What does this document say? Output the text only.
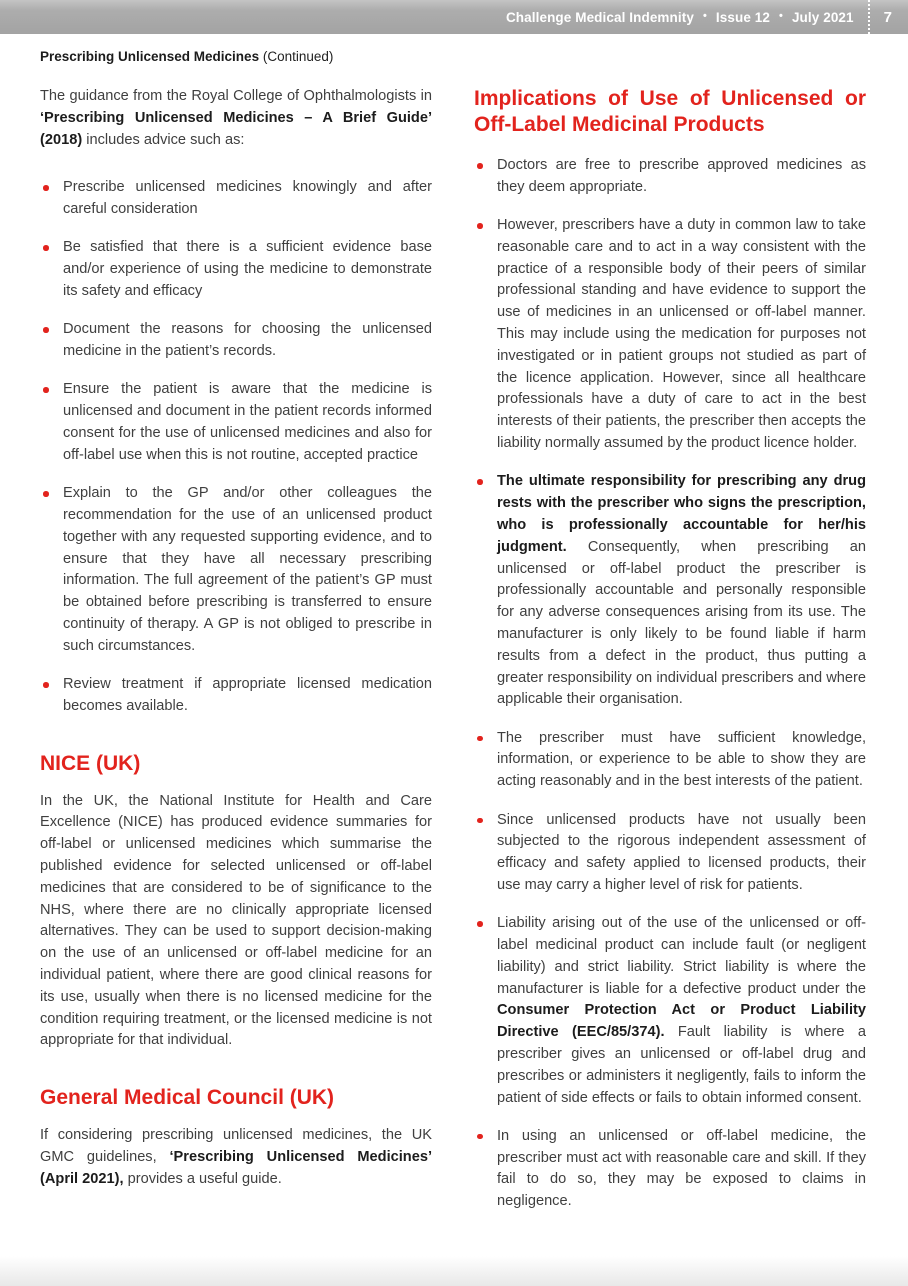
Challenge Medical Indemnity • Issue 12 • July 2021	7
Prescribing Unlicensed Medicines (Continued)

The guidance from the Royal College of Ophthalmologists in ‘Prescribing Unlicensed Medicines – A Brief Guide’ (2018) includes advice such as:

Prescribe unlicensed medicines knowingly and after careful consideration
Be satisfied that there is a sufficient evidence base and/or experience of using the medicine to demonstrate its safety and efficacy
Document the reasons for choosing the unlicensed medicine in the patient’s records.
Ensure the patient is aware that the medicine is unlicensed and document in the patient records informed consent for the use of unlicensed medicines and also for off-label use when this is not routine, accepted practice
Explain to the GP and/or other colleagues the recommendation for the use of an unlicensed product together with any requested supporting evidence, and to ensure that they have all necessary prescribing information. The full agreement of the patient’s GP must be obtained before prescribing is transferred to ensure continuity of therapy. A GP is not obliged to prescribe in such circumstances.
Review treatment if appropriate licensed medication becomes available.
NICE (UK)

In the UK, the National Institute for Health and Care Excellence (NICE) has produced evidence summaries for off-label or unlicensed medicines which summarise the published evidence for selected unlicensed or off-label medicines that are considered to be of significance to the NHS, where there are no clinically appropriate licensed alternatives. They can be used to support decision-making on the use of an unlicensed or off-label medicine for an individual patient, where there are good clinical reasons for its use, usually when there is no licensed medicine for the condition requiring treatment, or the licensed medicine is not appropriate for that individual.

General Medical Council (UK)

If considering prescribing unlicensed medicines, the UK GMC guidelines, ‘Prescribing Unlicensed Medicines’ (April 2021), provides a useful guide.

Implications of Use of Unlicensed or Off-Label Medicinal Products
Doctors are free to prescribe approved medicines as they deem appropriate.
However, prescribers have a duty in common law to take reasonable care and to act in a way consistent with the practice of a responsible body of their peers of similar professional standing and have evidence to support the use of medicines in an unlicensed or off-label manner. This may include using the medication for purposes not investigated or in patient groups not studied as part of the licence application. However, since all healthcare professionals have a duty of care to act in the best interests of their patients, the prescriber then accepts the liability normally assumed by the product licence holder.
The ultimate responsibility for prescribing any drug rests with the prescriber who signs the prescription, who is professionally accountable for her/his judgment. Consequently, when prescribing an unlicensed or off-label product the prescriber is professionally accountable and personally responsible for any adverse consequences arising from its use. The manufacturer is only likely to be found liable if harm results from a defect in the product, thus putting a greater responsibility on individual prescribers and where applicable their organisation.
The prescriber must have sufficient knowledge, information, or experience to be able to show they are acting reasonably and in the best interests of the patient.
Since unlicensed products have not usually been subjected to the rigorous independent assessment of efficacy and safety applied to licensed products, their use may carry a higher level of risk for patients.
Liability arising out of the use of the unlicensed or off-label medicinal product can include fault (or negligent liability) and strict liability. Strict liability is where the manufacturer is liable for a defective product under the Consumer Protection Act or Product Liability Directive (EEC/85/374). Fault liability is where a prescriber gives an unlicensed or off-label drug and prescribes or administers it negligently, fails to inform the patient of side effects or fails to obtain informed consent.
In using an unlicensed or off-label medicine, the prescriber must act with reasonable care and skill. If they fail to do so, they may be exposed to claims in negligence.
